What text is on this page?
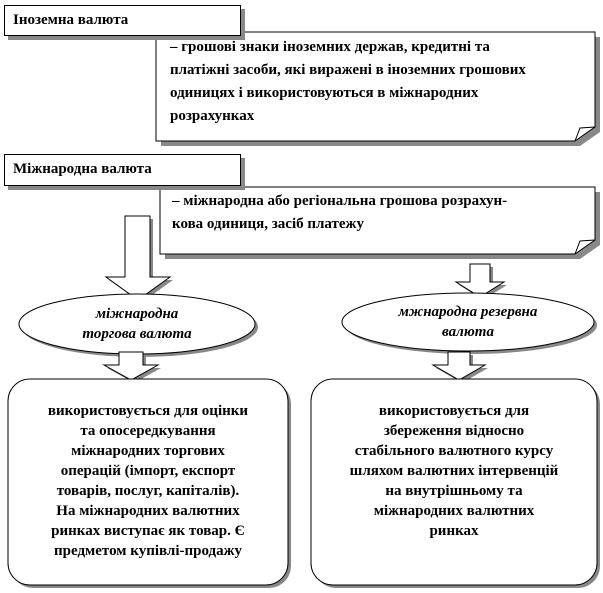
Іноземна валюта
– грошові знаки іноземних держав, кредитні та
платіжні засоби, які виражені в іноземних грошових
одиницях і використовуються в міжнародних
розрахунках
Міжнародна валюта
– міжнародна або регіональна грошова розрахун-
кова одиниця, засіб платежу
міжнародна
торгова валюта
мжнародна резервна
валюта
використовується для оцінки
та опосередкування
міжнародних торгових
операцій (імпорт, експорт
товарів, послуг, капіталів).
На міжнародних валютних
ринках виступає як товар. Є
предметом купівлі-продажу
використовується для
збереження відносно
стабільного валютного курсу
шляхом валютних інтервенцій
на внутрішньому та
міжнародних валютних
ринках
